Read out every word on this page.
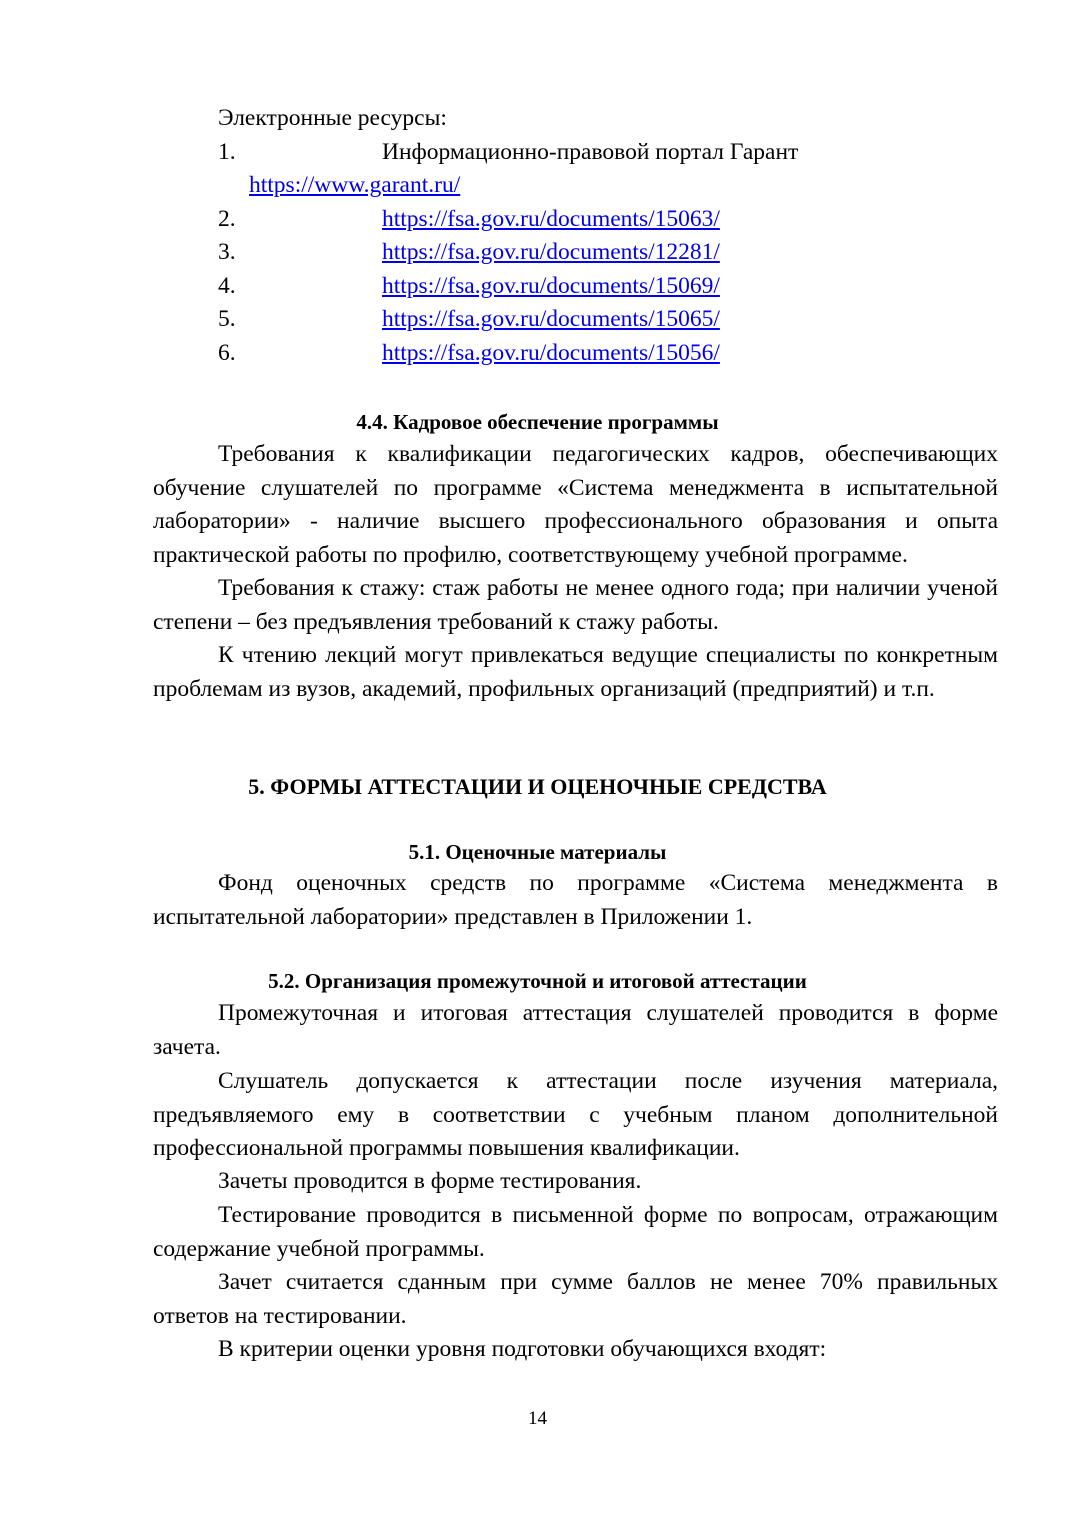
Электронные ресурсы:
1.	Информационно-правовой портал Гарант
https://www.garant.ru/
2.	https://fsa.gov.ru/documents/15063/
3.	https://fsa.gov.ru/documents/12281/
4.	https://fsa.gov.ru/documents/15069/
5.	https://fsa.gov.ru/documents/15065/
6.	https://fsa.gov.ru/documents/15056/
4.4. Кадровое обеспечение программы
Требования к квалификации педагогических кадров, обеспечивающих обучение слушателей по программе «Система менеджмента в испытательной лаборатории» - наличие высшего профессионального образования и опыта практической работы по профилю, соответствующему учебной программе.
Требования к стажу: стаж работы не менее одного года; при наличии ученой степени – без предъявления требований к стажу работы.
К чтению лекций могут привлекаться ведущие специалисты по конкретным проблемам из вузов, академий, профильных организаций (предприятий) и т.п.
5. ФОРМЫ АТТЕСТАЦИИ И ОЦЕНОЧНЫЕ СРЕДСТВА
5.1. Оценочные материалы
Фонд оценочных средств по программе «Система менеджмента в испытательной лаборатории» представлен в Приложении 1.
5.2. Организация промежуточной и итоговой аттестации
Промежуточная и итоговая аттестация слушателей проводится в форме зачета.
Слушатель допускается к аттестации после изучения материала, предъявляемого ему в соответствии с учебным планом дополнительной профессиональной программы повышения квалификации.
Зачеты проводится в форме тестирования.
Тестирование проводится в письменной форме по вопросам, отражающим содержание учебной программы.
Зачет считается сданным при сумме баллов не менее 70% правильных ответов на тестировании.
В критерии оценки уровня подготовки обучающихся входят:
14
